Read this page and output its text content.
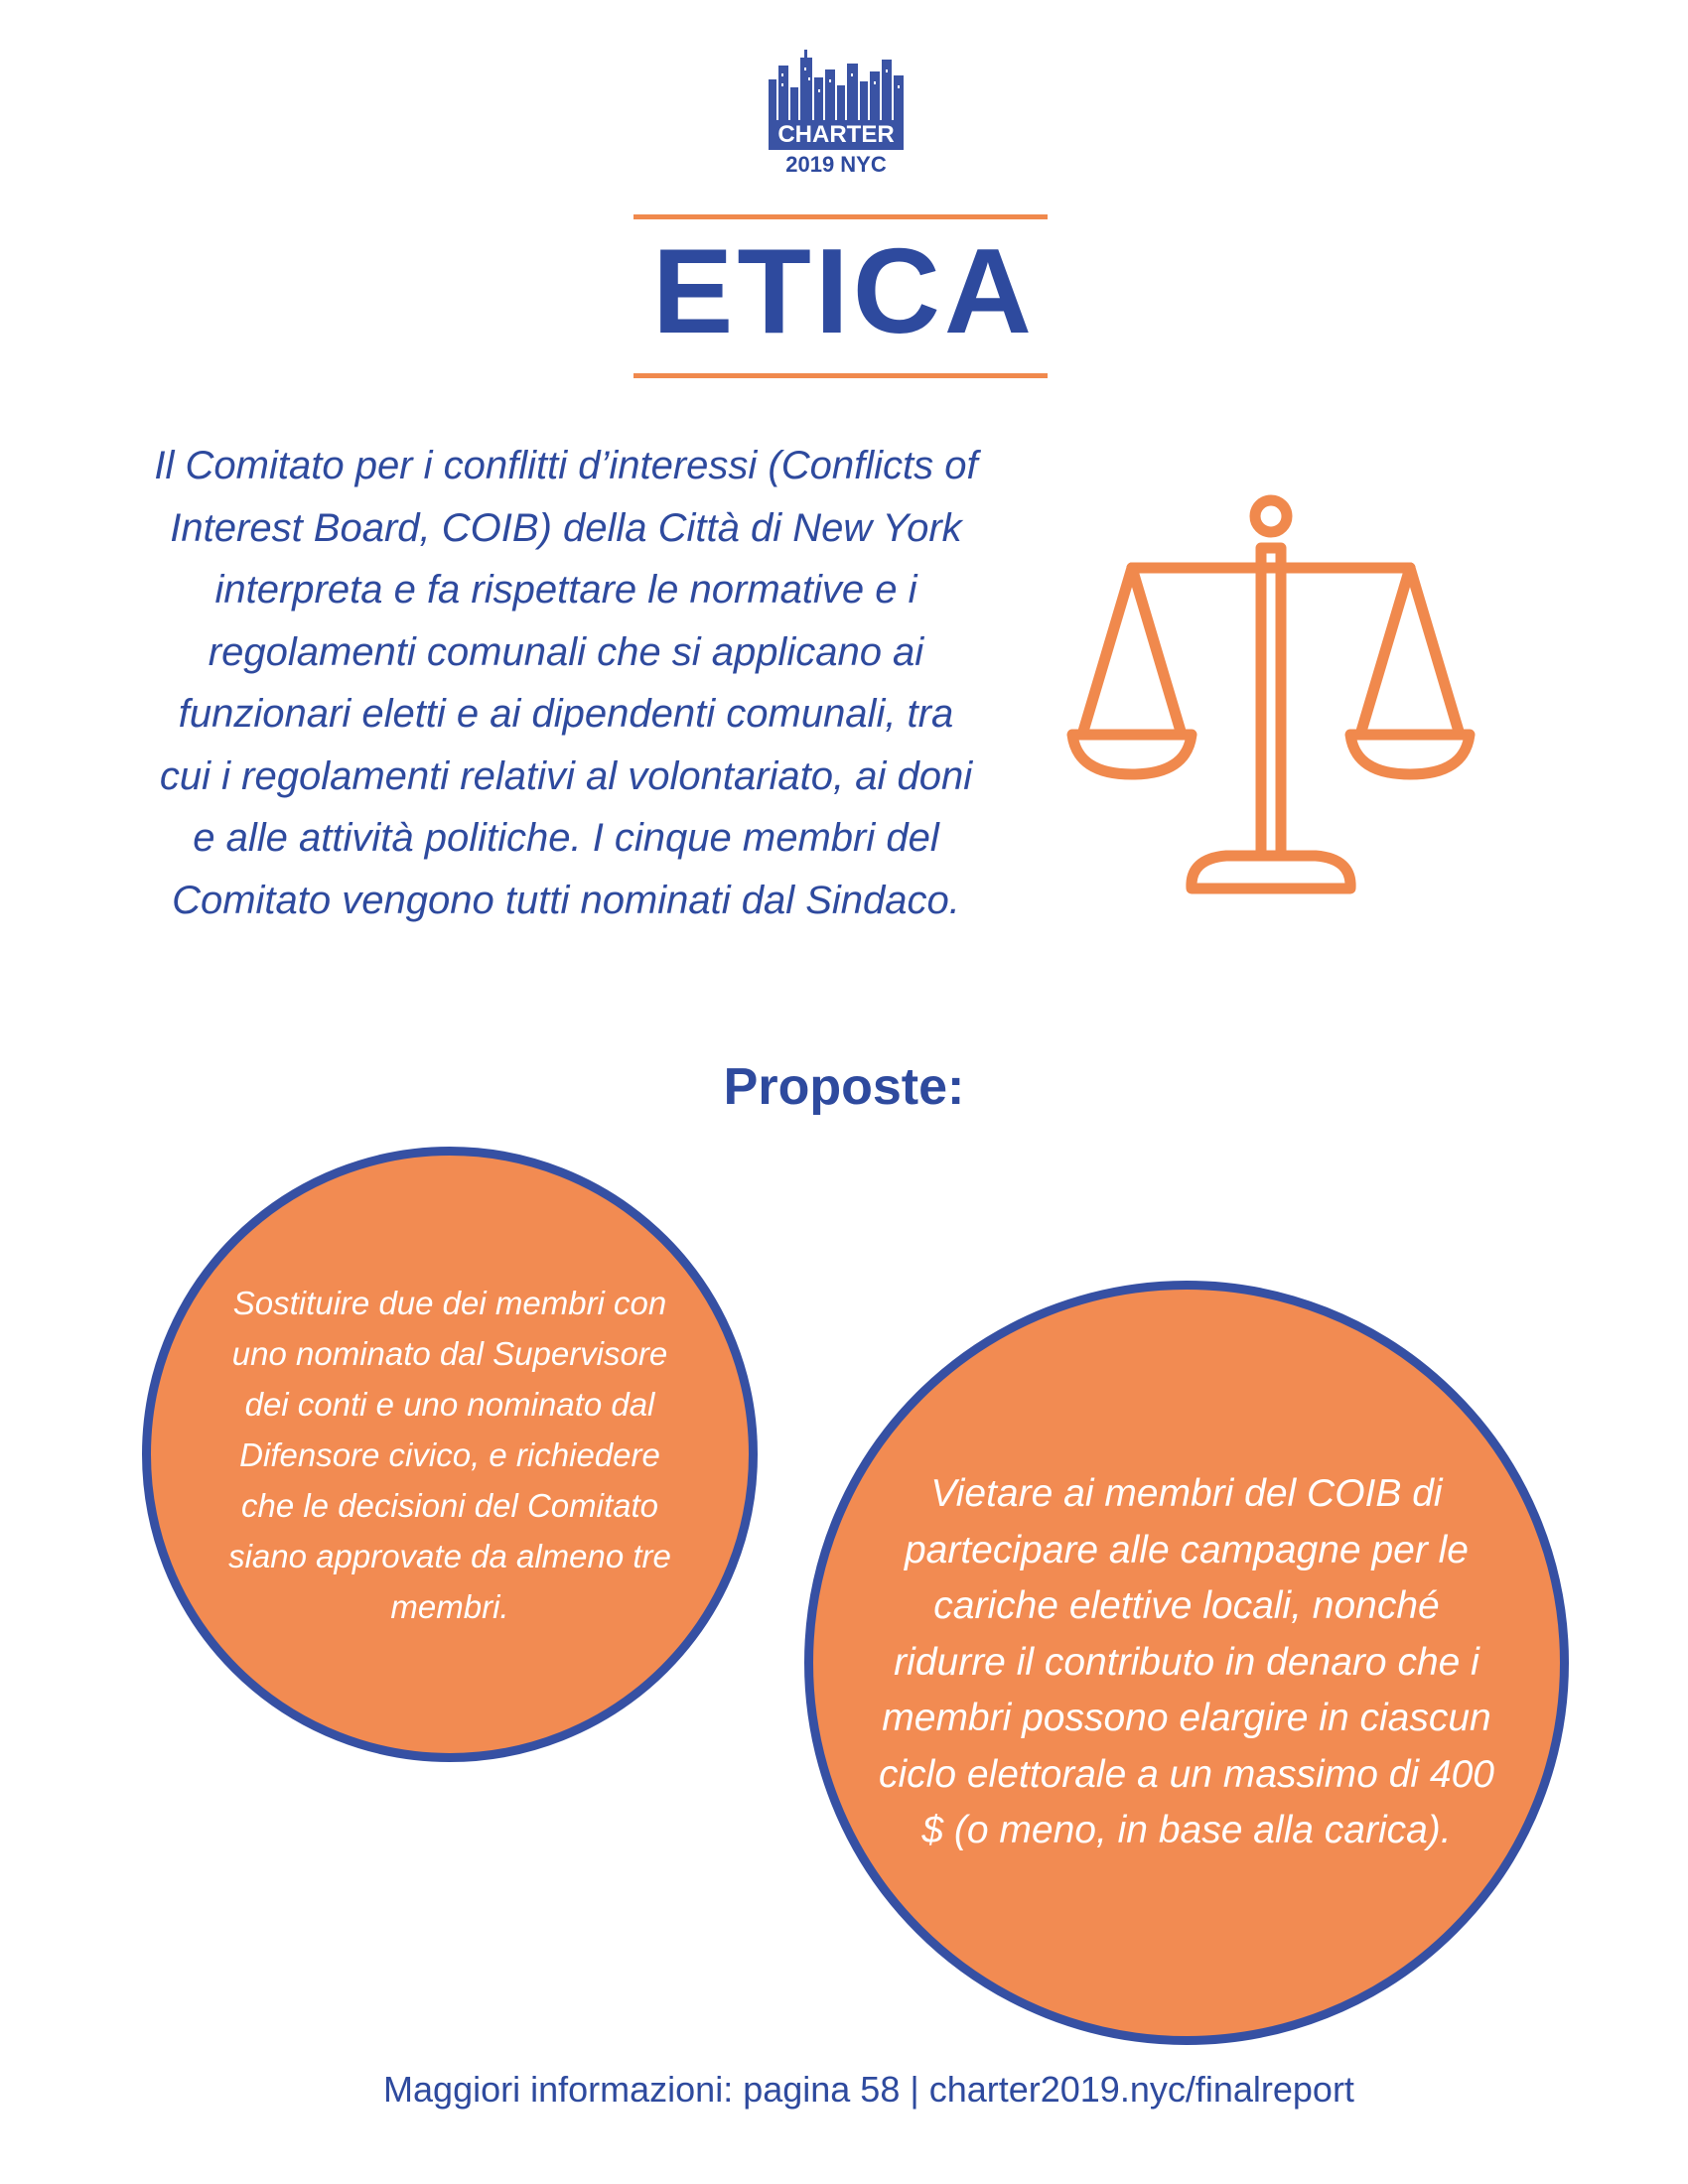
CHARTER
2019 NYC
ETICA

Il Comitato per i conflitti d’interessi (Conflicts of Interest Board, COIB) della Città di New York interpreta e fa rispettare le normative e i regolamenti comunali che si applicano ai funzionari eletti e ai dipendenti comunali, tra cui i regolamenti relativi al volontariato, ai doni e alle attività politiche. I cinque membri del Comitato vengono tutti nominati dal Sindaco.

Proposte:

Sostituire due dei membri con uno nominato dal Supervisore dei conti e uno nominato dal Difensore civico, e richiedere che le decisioni del Comitato siano approvate da almeno tre membri.

Vietare ai membri del COIB di partecipare alle campagne per le cariche elettive locali, nonché ridurre il contributo in denaro che i membri possono elargire in ciascun ciclo elettorale a un massimo di 400 $ (o meno, in base alla carica).

Maggiori informazioni: pagina 58 | charter2019.nyc/finalreport
